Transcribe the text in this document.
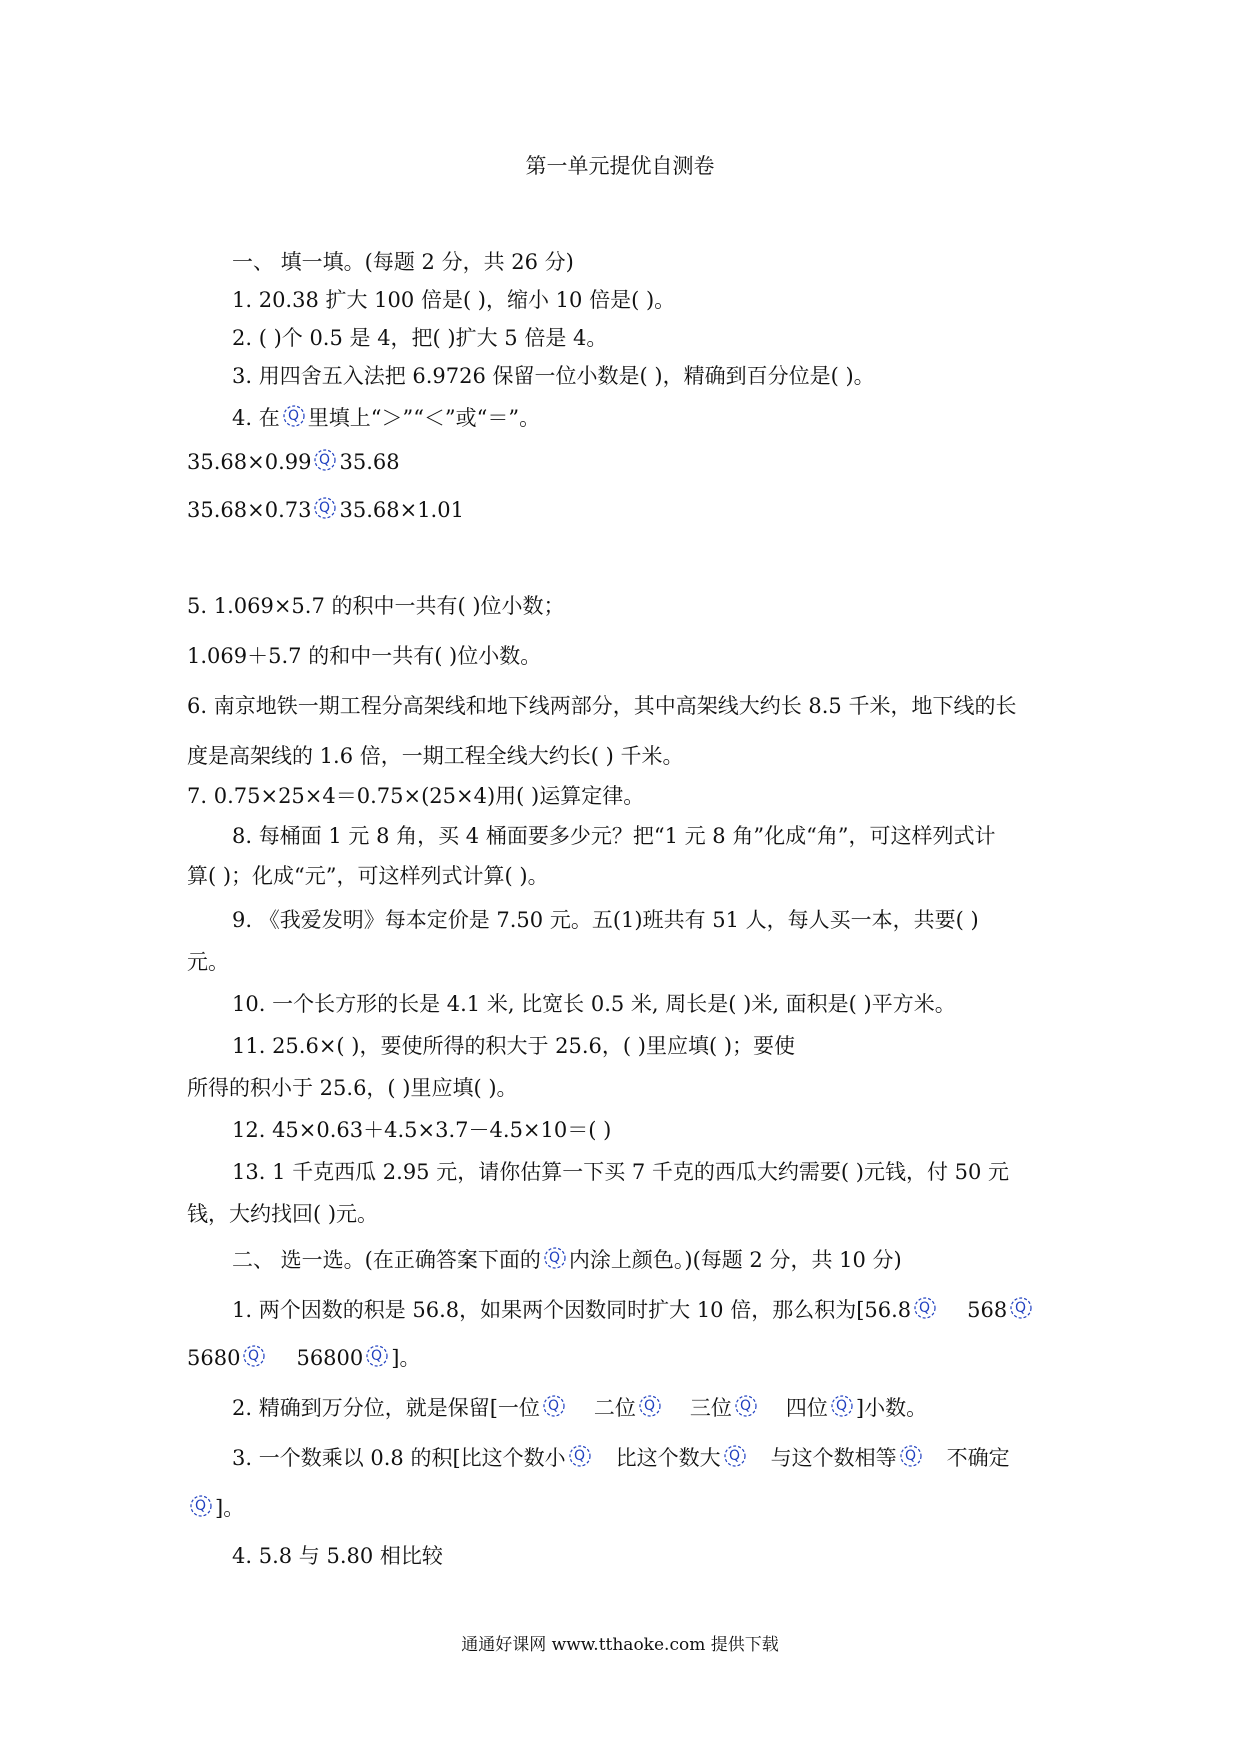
第一单元提优自测卷
一、 填一填。(每题 2 分，共 26 分)
1. 20.38 扩大 100 倍是( )，缩小 10 倍是( )。
2. ( )个 0.5 是 4，把( )扩大 5 倍是 4。
3. 用四舍五入法把 6.9726 保留一位小数是( )，精确到百分位是( )。
4. 在 Q 里填上“＞”“＜”或“＝”。
35.68×0.99 Q 35.68
35.68×0.73 Q 35.68×1.01
5. 1.069×5.7 的积中一共有( )位小数；
1.069＋5.7 的和中一共有( )位小数。
6. 南京地铁一期工程分高架线和地下线两部分，其中高架线大约长 8.5 千米，地下线的长
度是高架线的 1.6 倍，一期工程全线大约长( ) 千米。
7. 0.75×25×4＝0.75×(25×4)用( )运算定律。
8. 每桶面 1 元 8 角，买 4 桶面要多少元？把“1 元 8 角”化成“角”，可这样列式计
算( )；化成“元”，可这样列式计算( )。
9. 《我爱发明》每本定价是 7.50 元。五(1)班共有 51 人，每人买一本，共要( )
元。
10. 一个长方形的长是 4.1 米, 比宽长 0.5 米, 周长是( )米, 面积是( )平方米。
11. 25.6×( )，要使所得的积大于 25.6，( )里应填( )；要使
所得的积小于 25.6，( )里应填( )。
12. 45×0.63＋4.5×3.7－4.5×10＝( )
13. 1 千克西瓜 2.95 元，请你估算一下买 7 千克的西瓜大约需要( )元钱，付 50 元
钱，大约找回( )元。
二、 选一选。(在正确答案下面的 Q 内涂上颜色。)(每题 2 分，共 10 分)
1. 两个因数的积是 56.8，如果两个因数同时扩大 10 倍，那么积为[56.8 Q 568 Q
5680 Q 56800 Q ]。
2. 精确到万分位，就是保留[一位 Q 二位 Q 三位 Q 四位 Q ]小数。
3. 一个数乘以 0.8 的积[比这个数小 Q 比这个数大 Q 与这个数相等 Q 不确定
Q ]。
4. 5.8 与 5.80 相比较
通通好课网 www.tthaoke.com 提供下载
